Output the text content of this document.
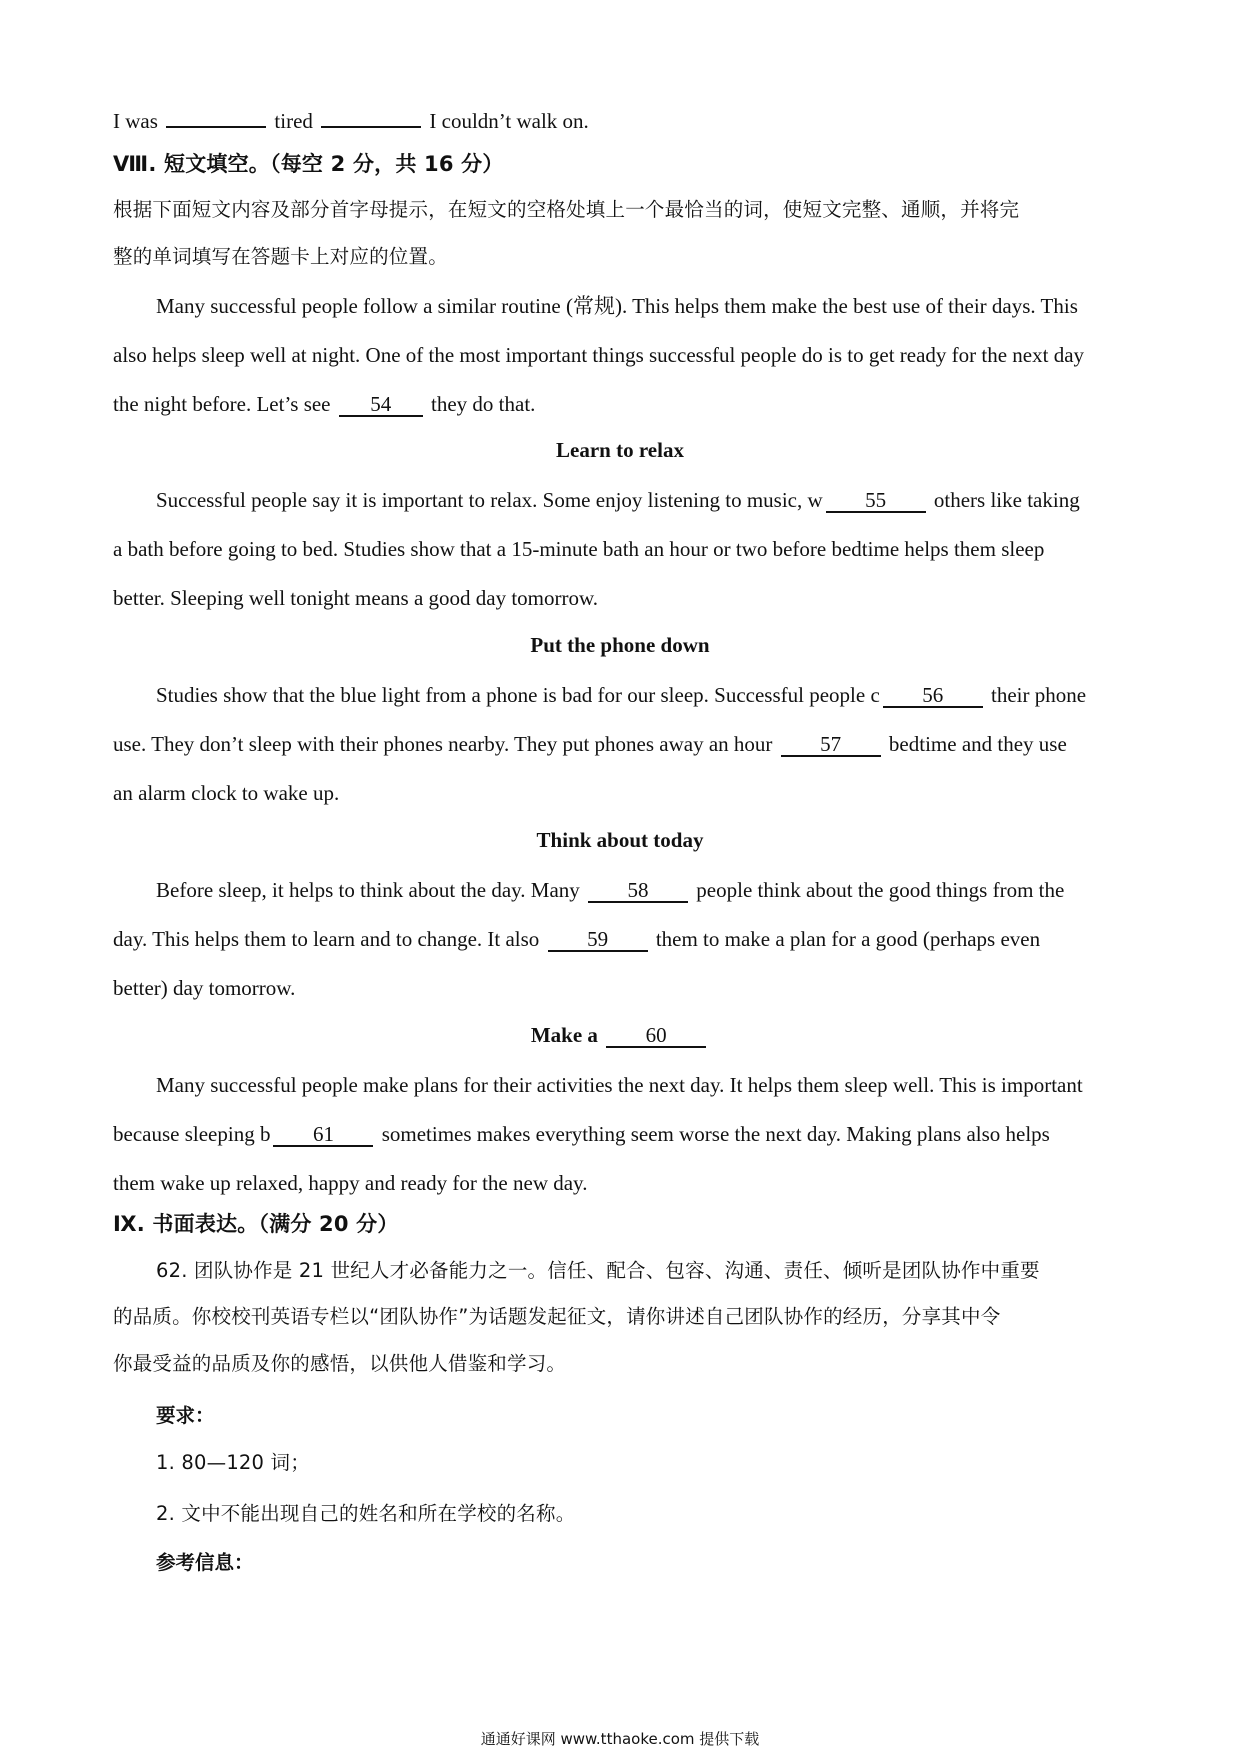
I was	tired	I couldn’t walk on.
Ⅷ. 短文填空。（每空 2 分，共 16 分）
根据下面短文内容及部分首字母提示，在短文的空格处填上一个最恰当的词，使短文完整、通顺，并将完
整的单词填写在答题卡上对应的位置。
Many successful people follow a similar routine (常规). This helps them make the best use of their days. This
also helps sleep well at night. One of the most important things successful people do is to get ready for the next day
the night before. Let’s see 54 they do that.
Learn to relax
Successful people say it is important to relax. Some enjoy listening to music, w 55 others like taking
a bath before going to bed. Studies show that a 15-minute bath an hour or two before bedtime helps them sleep
better. Sleeping well tonight means a good day tomorrow.
Put the phone down
Studies show that the blue light from a phone is bad for our sleep. Successful people c 56 their phone
use. They don’t sleep with their phones nearby. They put phones away an hour 57 bedtime and they use
an alarm clock to wake up.
Think about today
Before sleep, it helps to think about the day. Many 58 people think about the good things from the
day. This helps them to learn and to change. It also 59 them to make a plan for a good (perhaps even
better) day tomorrow.
Make a 60
Many successful people make plans for their activities the next day. It helps them sleep well. This is important
because sleeping b 61 sometimes makes everything seem worse the next day. Making plans also helps
them wake up relaxed, happy and ready for the new day.
Ⅸ. 书面表达。（满分 20 分）
62. 团队协作是 21 世纪人才必备能力之一。信任、配合、包容、沟通、责任、倾听是团队协作中重要
的品质。你校校刊英语专栏以“团队协作”为话题发起征文，请你讲述自己团队协作的经历，分享其中令
你最受益的品质及你的感悟，以供他人借鉴和学习。
要求：
1. 80—120 词；
2. 文中不能出现自己的姓名和所在学校的名称。
参考信息：
通通好课网 www.tthaoke.com 提供下载
